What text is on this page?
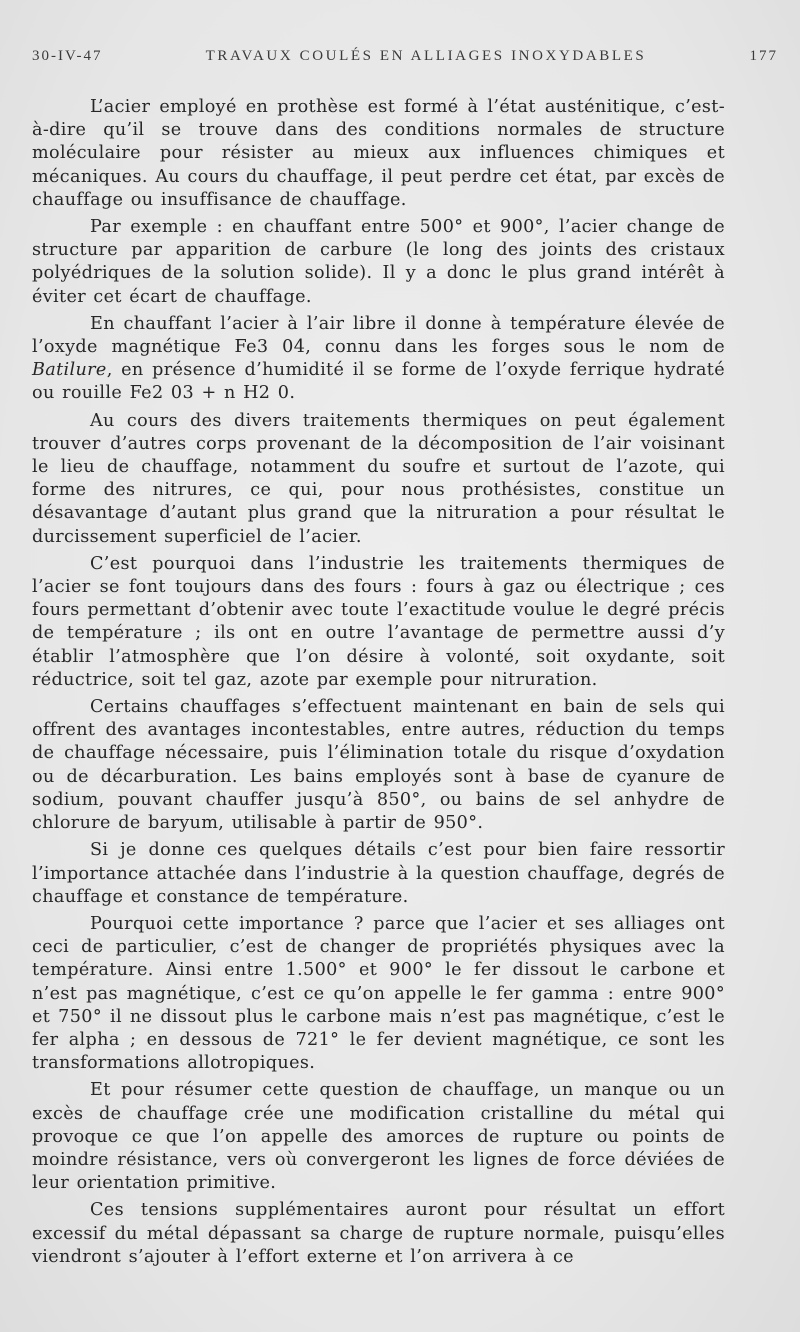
30-IV-47	TRAVAUX COULÉS EN ALLIAGES INOXYDABLES	177

L’acier employé en prothèse est formé à l’état austénitique, c’est-à-dire qu’il se trouve dans des conditions normales de structure moléculaire pour résister au mieux aux influences chimiques et mécaniques. Au cours du chauffage, il peut perdre cet état, par excès de chauffage ou insuffisance de chauffage.

Par exemple : en chauffant entre 500° et 900°, l’acier change de structure par apparition de carbure (le long des joints des cristaux polyédriques de la solution solide). Il y a donc le plus grand intérêt à éviter cet écart de chauffage.

En chauffant l’acier à l’air libre il donne à température élevée de l’oxyde magnétique Fe3 04, connu dans les forges sous le nom de Batilure, en présence d’humidité il se forme de l’oxyde ferrique hydraté ou rouille Fe2 03 + n H2 0.

Au cours des divers traitements thermiques on peut également trouver d’autres corps provenant de la décomposition de l’air voisinant le lieu de chauffage, notamment du soufre et surtout de l’azote, qui forme des nitrures, ce qui, pour nous prothésistes, constitue un désavantage d’autant plus grand que la nitruration a pour résultat le durcissement superficiel de l’acier.

C’est pourquoi dans l’industrie les traitements thermiques de l’acier se font toujours dans des fours : fours à gaz ou électrique ; ces fours permettant d’obtenir avec toute l’exactitude voulue le degré précis de température ; ils ont en outre l’avantage de permettre aussi d’y établir l’atmosphère que l’on désire à volonté, soit oxydante, soit réductrice, soit tel gaz, azote par exemple pour nitruration.

Certains chauffages s’effectuent maintenant en bain de sels qui offrent des avantages incontestables, entre autres, réduction du temps de chauffage nécessaire, puis l’élimination totale du risque d’oxydation ou de décarburation. Les bains employés sont à base de cyanure de sodium, pouvant chauffer jusqu’à 850°, ou bains de sel anhydre de chlorure de baryum, utilisable à partir de 950°.

Si je donne ces quelques détails c’est pour bien faire ressortir l’importance attachée dans l’industrie à la question chauffage, degrés de chauffage et constance de température.

Pourquoi cette importance ? parce que l’acier et ses alliages ont ceci de particulier, c’est de changer de propriétés physiques avec la température. Ainsi entre 1.500° et 900° le fer dissout le carbone et n’est pas magnétique, c’est ce qu’on appelle le fer gamma : entre 900° et 750° il ne dissout plus le carbone mais n’est pas magnétique, c’est le fer alpha ; en dessous de 721° le fer devient magnétique, ce sont les transformations allotropiques.

Et pour résumer cette question de chauffage, un manque ou un excès de chauffage crée une modification cristalline du métal qui provoque ce que l’on appelle des amorces de rupture ou points de moindre résistance, vers où convergeront les lignes de force déviées de leur orientation primitive.

Ces tensions supplémentaires auront pour résultat un effort excessif du métal dépassant sa charge de rupture normale, puisqu’elles viendront s’ajouter à l’effort externe et l’on arrivera à ce
